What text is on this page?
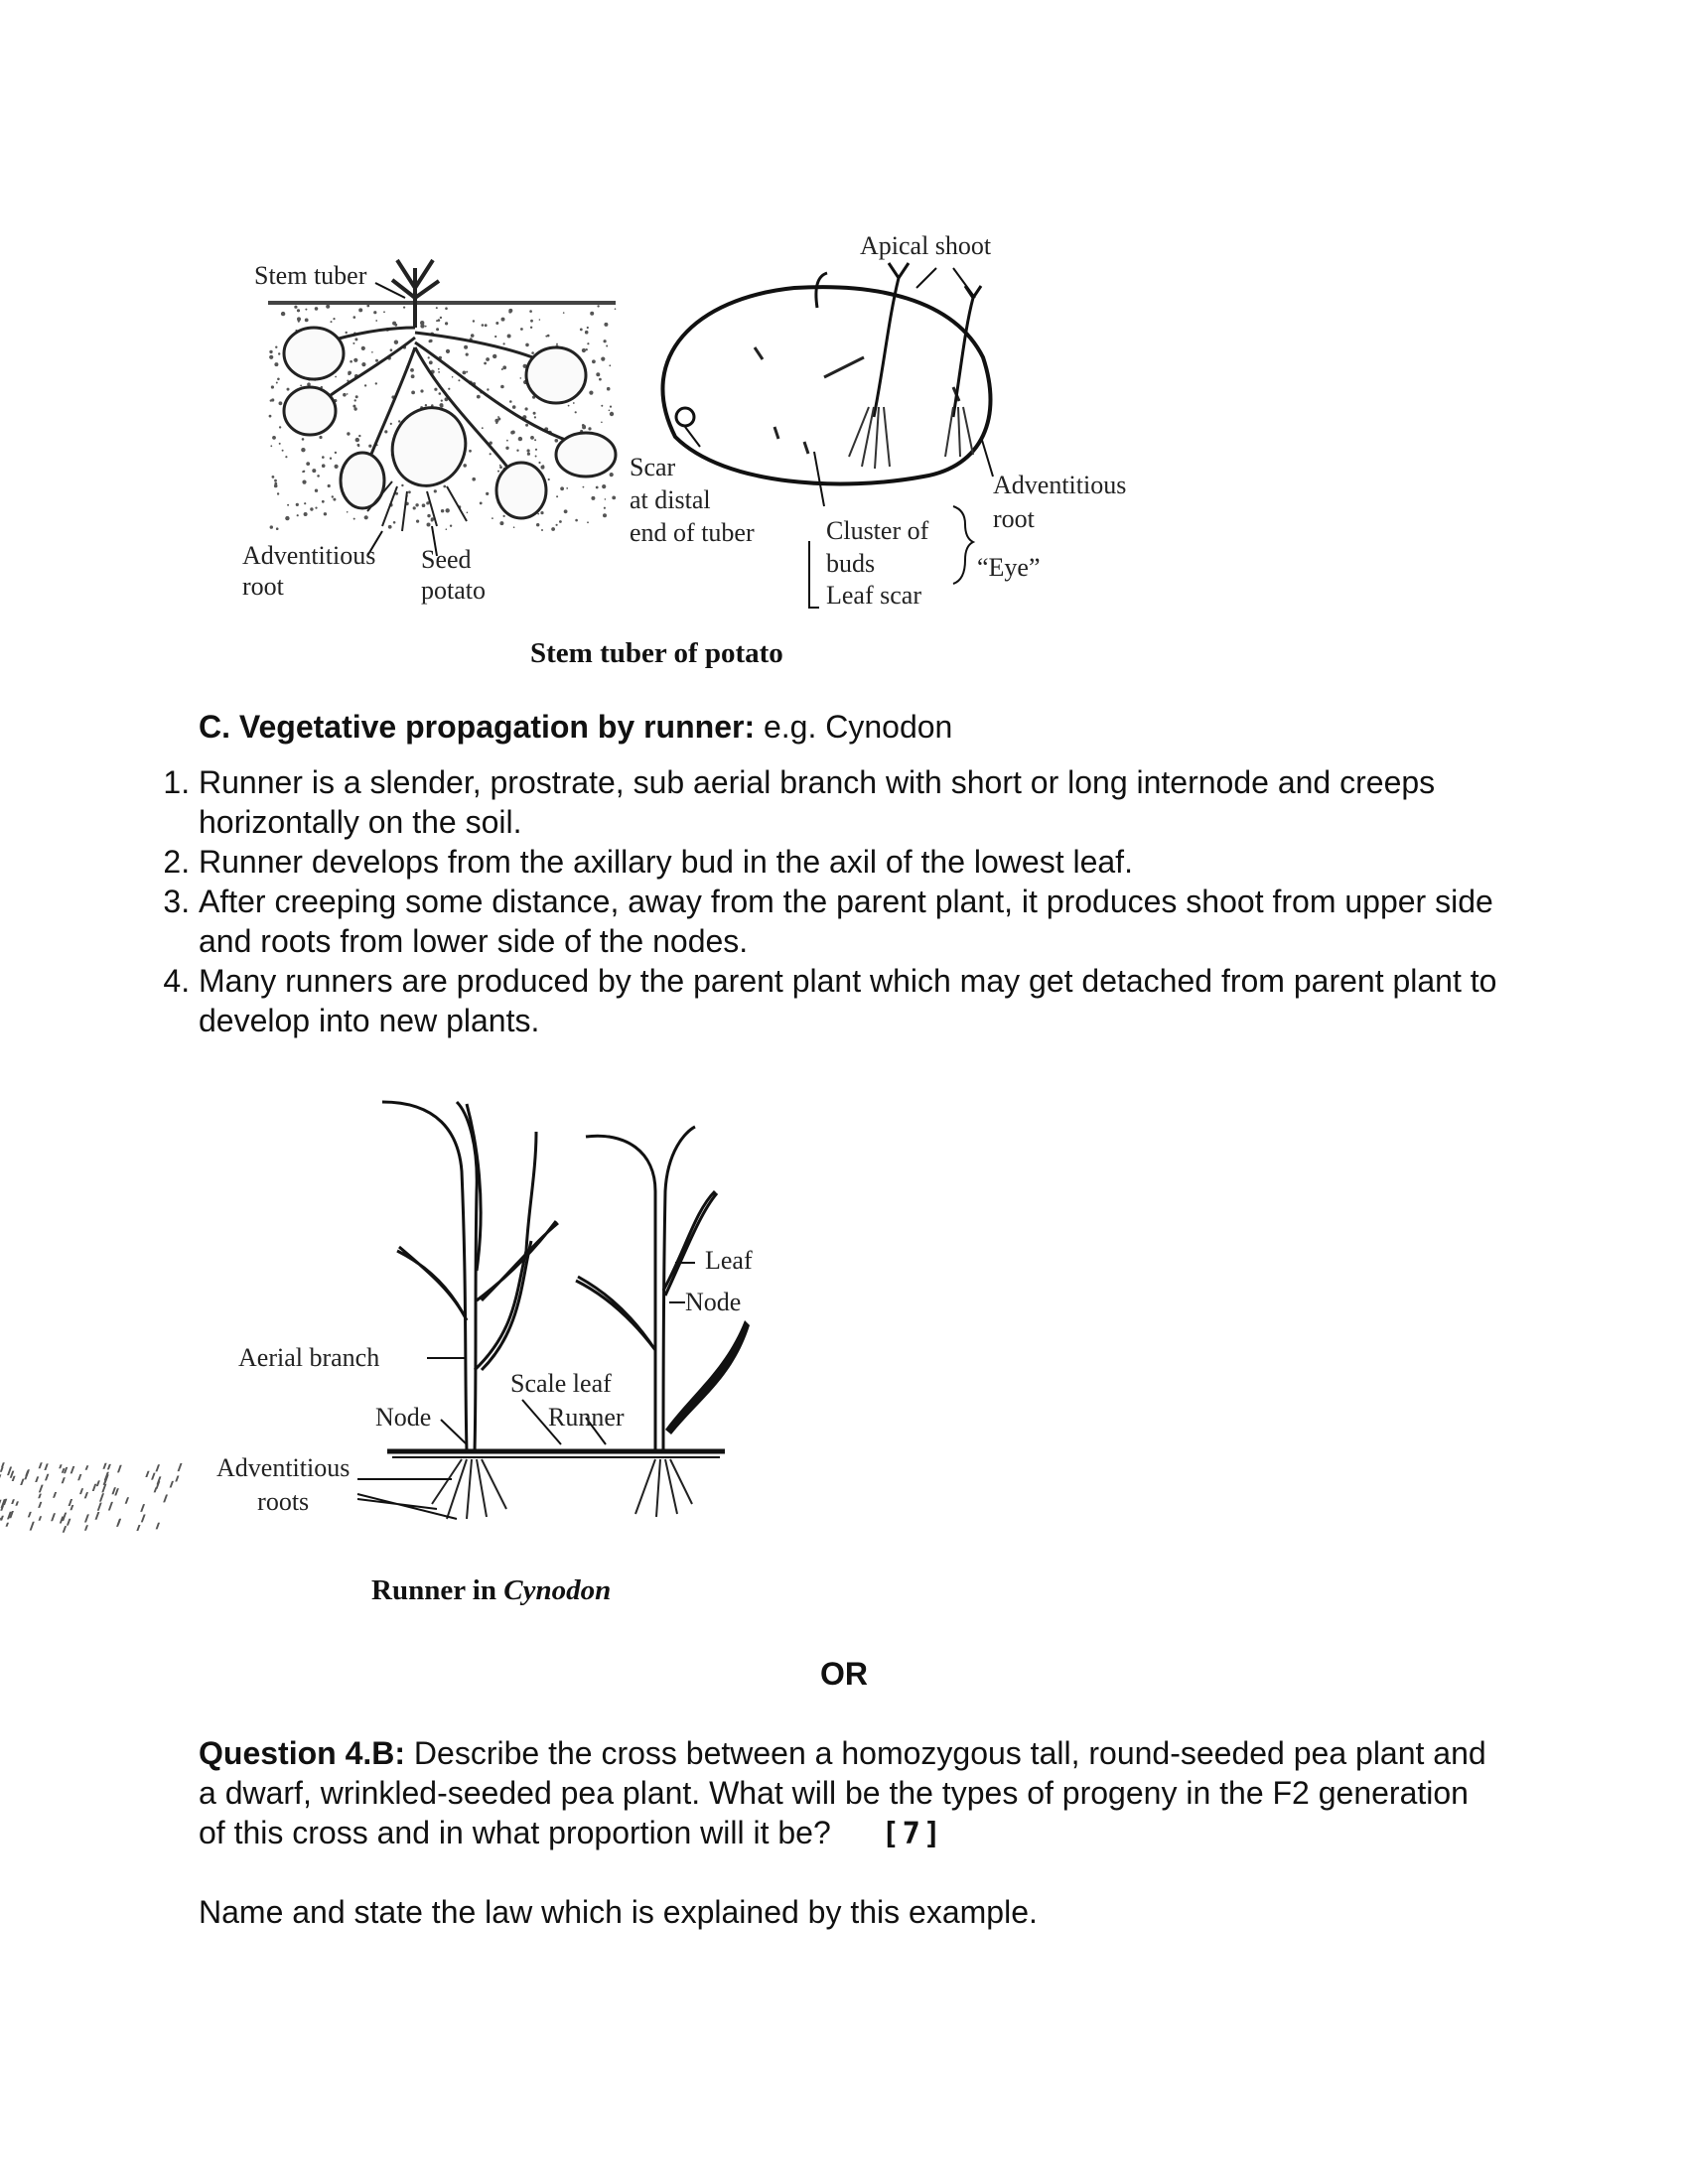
Stem tuber
Apical shoot
Adventitious
root
Seed
potato
Scar
at distal
end of tuber	Cluster of
buds
Leaf scar
Adventitious
root
“Eye”
Stem tuber of potato
C. Vegetative propagation by runner: e.g. Cynodon
1. Runner is a slender, prostrate, sub aerial branch with short or long internode and creeps horizontally on the soil.
2. Runner develops from the axillary bud in the axil of the lowest leaf.
3. After creeping some distance, away from the parent plant, it produces shoot from upper side and roots from lower side of the nodes.
4. Many runners are produced by the parent plant which may get detached from parent plant to develop into new plants.
Leaf
Node
Aerial branch
Scale leaf
Node	Runner
Adventitious
roots
Runner in Cynodon
OR
Question 4.B: Describe the cross between a homozygous tall, round-seeded pea plant and a dwarf, wrinkled-seeded pea plant. What will be the types of progeny in the F2 generation of this cross and in what proportion will it be? [7]
Name and state the law which is explained by this example.
